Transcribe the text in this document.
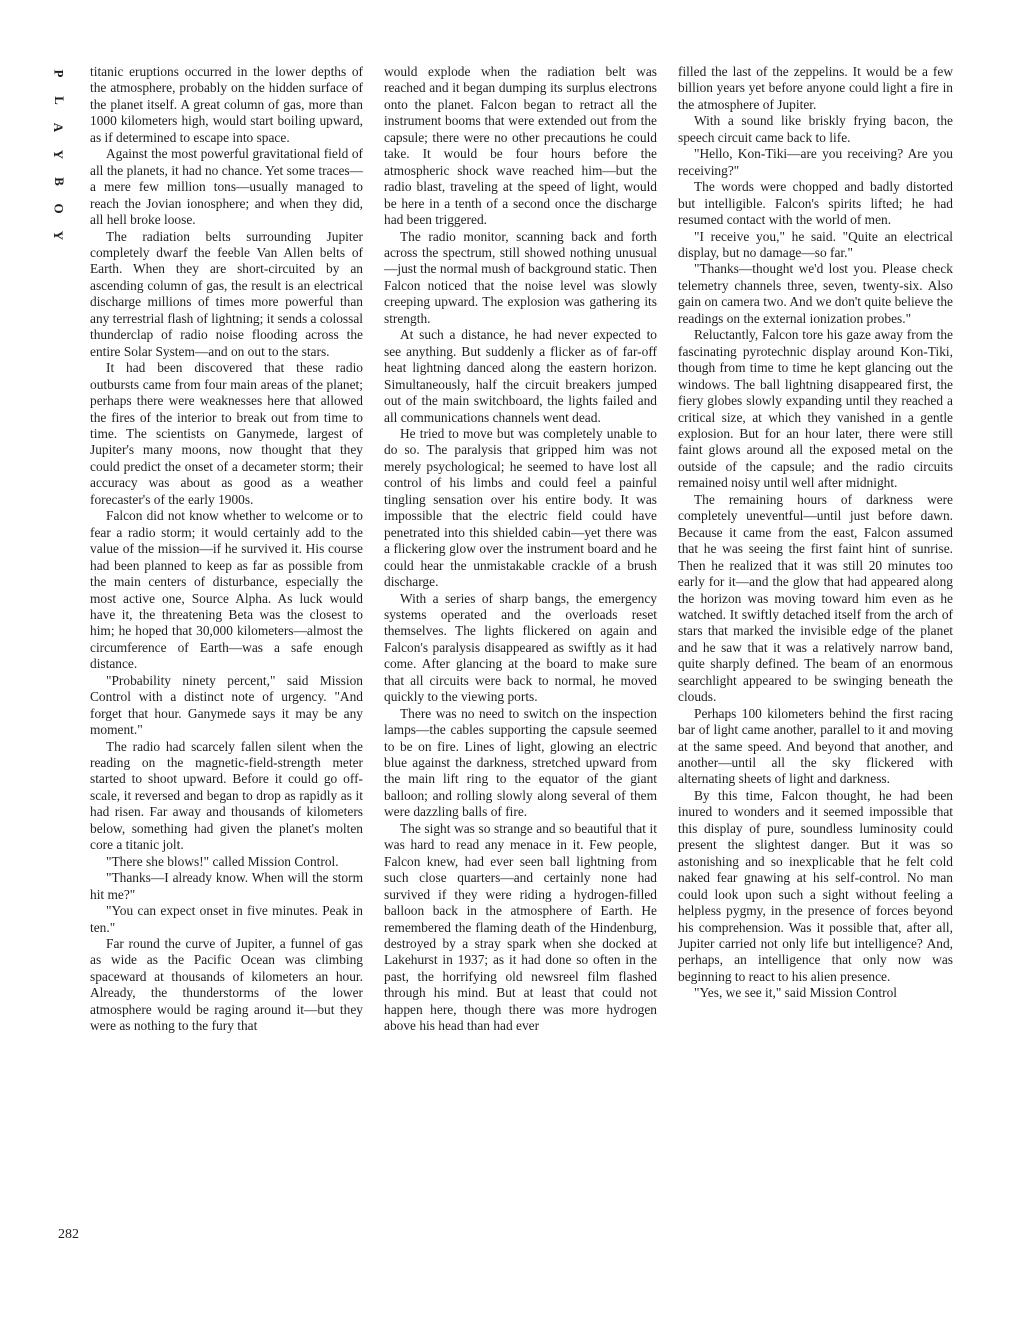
P
L
A
Y
B
O
Y
282

titanic eruptions occurred in the lower depths of the atmosphere, probably on the hidden surface of the planet itself. A great column of gas, more than 1000 kilometers high, would start boiling upward, as if determined to escape into space.

Against the most powerful gravitational field of all the planets, it had no chance. Yet some traces—a mere few million tons—usually managed to reach the Jovian ionosphere; and when they did, all hell broke loose.

The radiation belts surrounding Jupiter completely dwarf the feeble Van Allen belts of Earth. When they are short-circuited by an ascending column of gas, the result is an electrical discharge millions of times more powerful than any terrestrial flash of lightning; it sends a colossal thunderclap of radio noise flooding across the entire Solar System—and on out to the stars.

It had been discovered that these radio outbursts came from four main areas of the planet; perhaps there were weaknesses here that allowed the fires of the interior to break out from time to time. The scientists on Ganymede, largest of Jupiter's many moons, now thought that they could predict the onset of a decameter storm; their accuracy was about as good as a weather forecaster's of the early 1900s.

Falcon did not know whether to welcome or to fear a radio storm; it would certainly add to the value of the mission—if he survived it. His course had been planned to keep as far as possible from the main centers of disturbance, especially the most active one, Source Alpha. As luck would have it, the threatening Beta was the closest to him; he hoped that 30,000 kilometers—almost the circumference of Earth—was a safe enough distance.

"Probability ninety percent," said Mission Control with a distinct note of urgency. "And forget that hour. Ganymede says it may be any moment."

The radio had scarcely fallen silent when the reading on the magnetic-field-strength meter started to shoot upward. Before it could go off-scale, it reversed and began to drop as rapidly as it had risen. Far away and thousands of kilometers below, something had given the planet's molten core a titanic jolt.

"There she blows!" called Mission Control.

"Thanks—I already know. When will the storm hit me?"

"You can expect onset in five minutes. Peak in ten."

Far round the curve of Jupiter, a funnel of gas as wide as the Pacific Ocean was climbing spaceward at thousands of kilometers an hour. Already, the thunderstorms of the lower atmosphere would be raging around it—but they were as nothing to the fury that

would explode when the radiation belt was reached and it began dumping its surplus electrons onto the planet. Falcon began to retract all the instrument booms that were extended out from the capsule; there were no other precautions he could take. It would be four hours before the atmospheric shock wave reached him—but the radio blast, traveling at the speed of light, would be here in a tenth of a second once the discharge had been triggered.

The radio monitor, scanning back and forth across the spectrum, still showed nothing unusual—just the normal mush of background static. Then Falcon noticed that the noise level was slowly creeping upward. The explosion was gathering its strength.

At such a distance, he had never expected to see anything. But suddenly a flicker as of far-off heat lightning danced along the eastern horizon. Simultaneously, half the circuit breakers jumped out of the main switchboard, the lights failed and all communications channels went dead.

He tried to move but was completely unable to do so. The paralysis that gripped him was not merely psychological; he seemed to have lost all control of his limbs and could feel a painful tingling sensation over his entire body. It was impossible that the electric field could have penetrated into this shielded cabin—yet there was a flickering glow over the instrument board and he could hear the unmistakable crackle of a brush discharge.

With a series of sharp bangs, the emergency systems operated and the overloads reset themselves. The lights flickered on again and Falcon's paralysis disappeared as swiftly as it had come. After glancing at the board to make sure that all circuits were back to normal, he moved quickly to the viewing ports.

There was no need to switch on the inspection lamps—the cables supporting the capsule seemed to be on fire. Lines of light, glowing an electric blue against the darkness, stretched upward from the main lift ring to the equator of the giant balloon; and rolling slowly along several of them were dazzling balls of fire.

The sight was so strange and so beautiful that it was hard to read any menace in it. Few people, Falcon knew, had ever seen ball lightning from such close quarters—and certainly none had survived if they were riding a hydrogen-filled balloon back in the atmosphere of Earth. He remembered the flaming death of the Hindenburg, destroyed by a stray spark when she docked at Lakehurst in 1937; as it had done so often in the past, the horrifying old newsreel film flashed through his mind. But at least that could not happen here, though there was more hydrogen above his head than had ever

filled the last of the zeppelins. It would be a few billion years yet before anyone could light a fire in the atmosphere of Jupiter.

With a sound like briskly frying bacon, the speech circuit came back to life.

"Hello, Kon-Tiki—are you receiving? Are you receiving?"

The words were chopped and badly distorted but intelligible. Falcon's spirits lifted; he had resumed contact with the world of men.

"I receive you," he said. "Quite an electrical display, but no damage—so far."

"Thanks—thought we'd lost you. Please check telemetry channels three, seven, twenty-six. Also gain on camera two. And we don't quite believe the readings on the external ionization probes."

Reluctantly, Falcon tore his gaze away from the fascinating pyrotechnic display around Kon-Tiki, though from time to time he kept glancing out the windows. The ball lightning disappeared first, the fiery globes slowly expanding until they reached a critical size, at which they vanished in a gentle explosion. But for an hour later, there were still faint glows around all the exposed metal on the outside of the capsule; and the radio circuits remained noisy until well after midnight.

The remaining hours of darkness were completely uneventful—until just before dawn. Because it came from the east, Falcon assumed that he was seeing the first faint hint of sunrise. Then he realized that it was still 20 minutes too early for it—and the glow that had appeared along the horizon was moving toward him even as he watched. It swiftly detached itself from the arch of stars that marked the invisible edge of the planet and he saw that it was a relatively narrow band, quite sharply defined. The beam of an enormous searchlight appeared to be swinging beneath the clouds.

Perhaps 100 kilometers behind the first racing bar of light came another, parallel to it and moving at the same speed. And beyond that another, and another—until all the sky flickered with alternating sheets of light and darkness.

By this time, Falcon thought, he had been inured to wonders and it seemed impossible that this display of pure, soundless luminosity could present the slightest danger. But it was so astonishing and so inexplicable that he felt cold naked fear gnawing at his self-control. No man could look upon such a sight without feeling a helpless pygmy, in the presence of forces beyond his comprehension. Was it possible that, after all, Jupiter carried not only life but intelligence? And, perhaps, an intelligence that only now was beginning to react to his alien presence.

"Yes, we see it," said Mission Control
